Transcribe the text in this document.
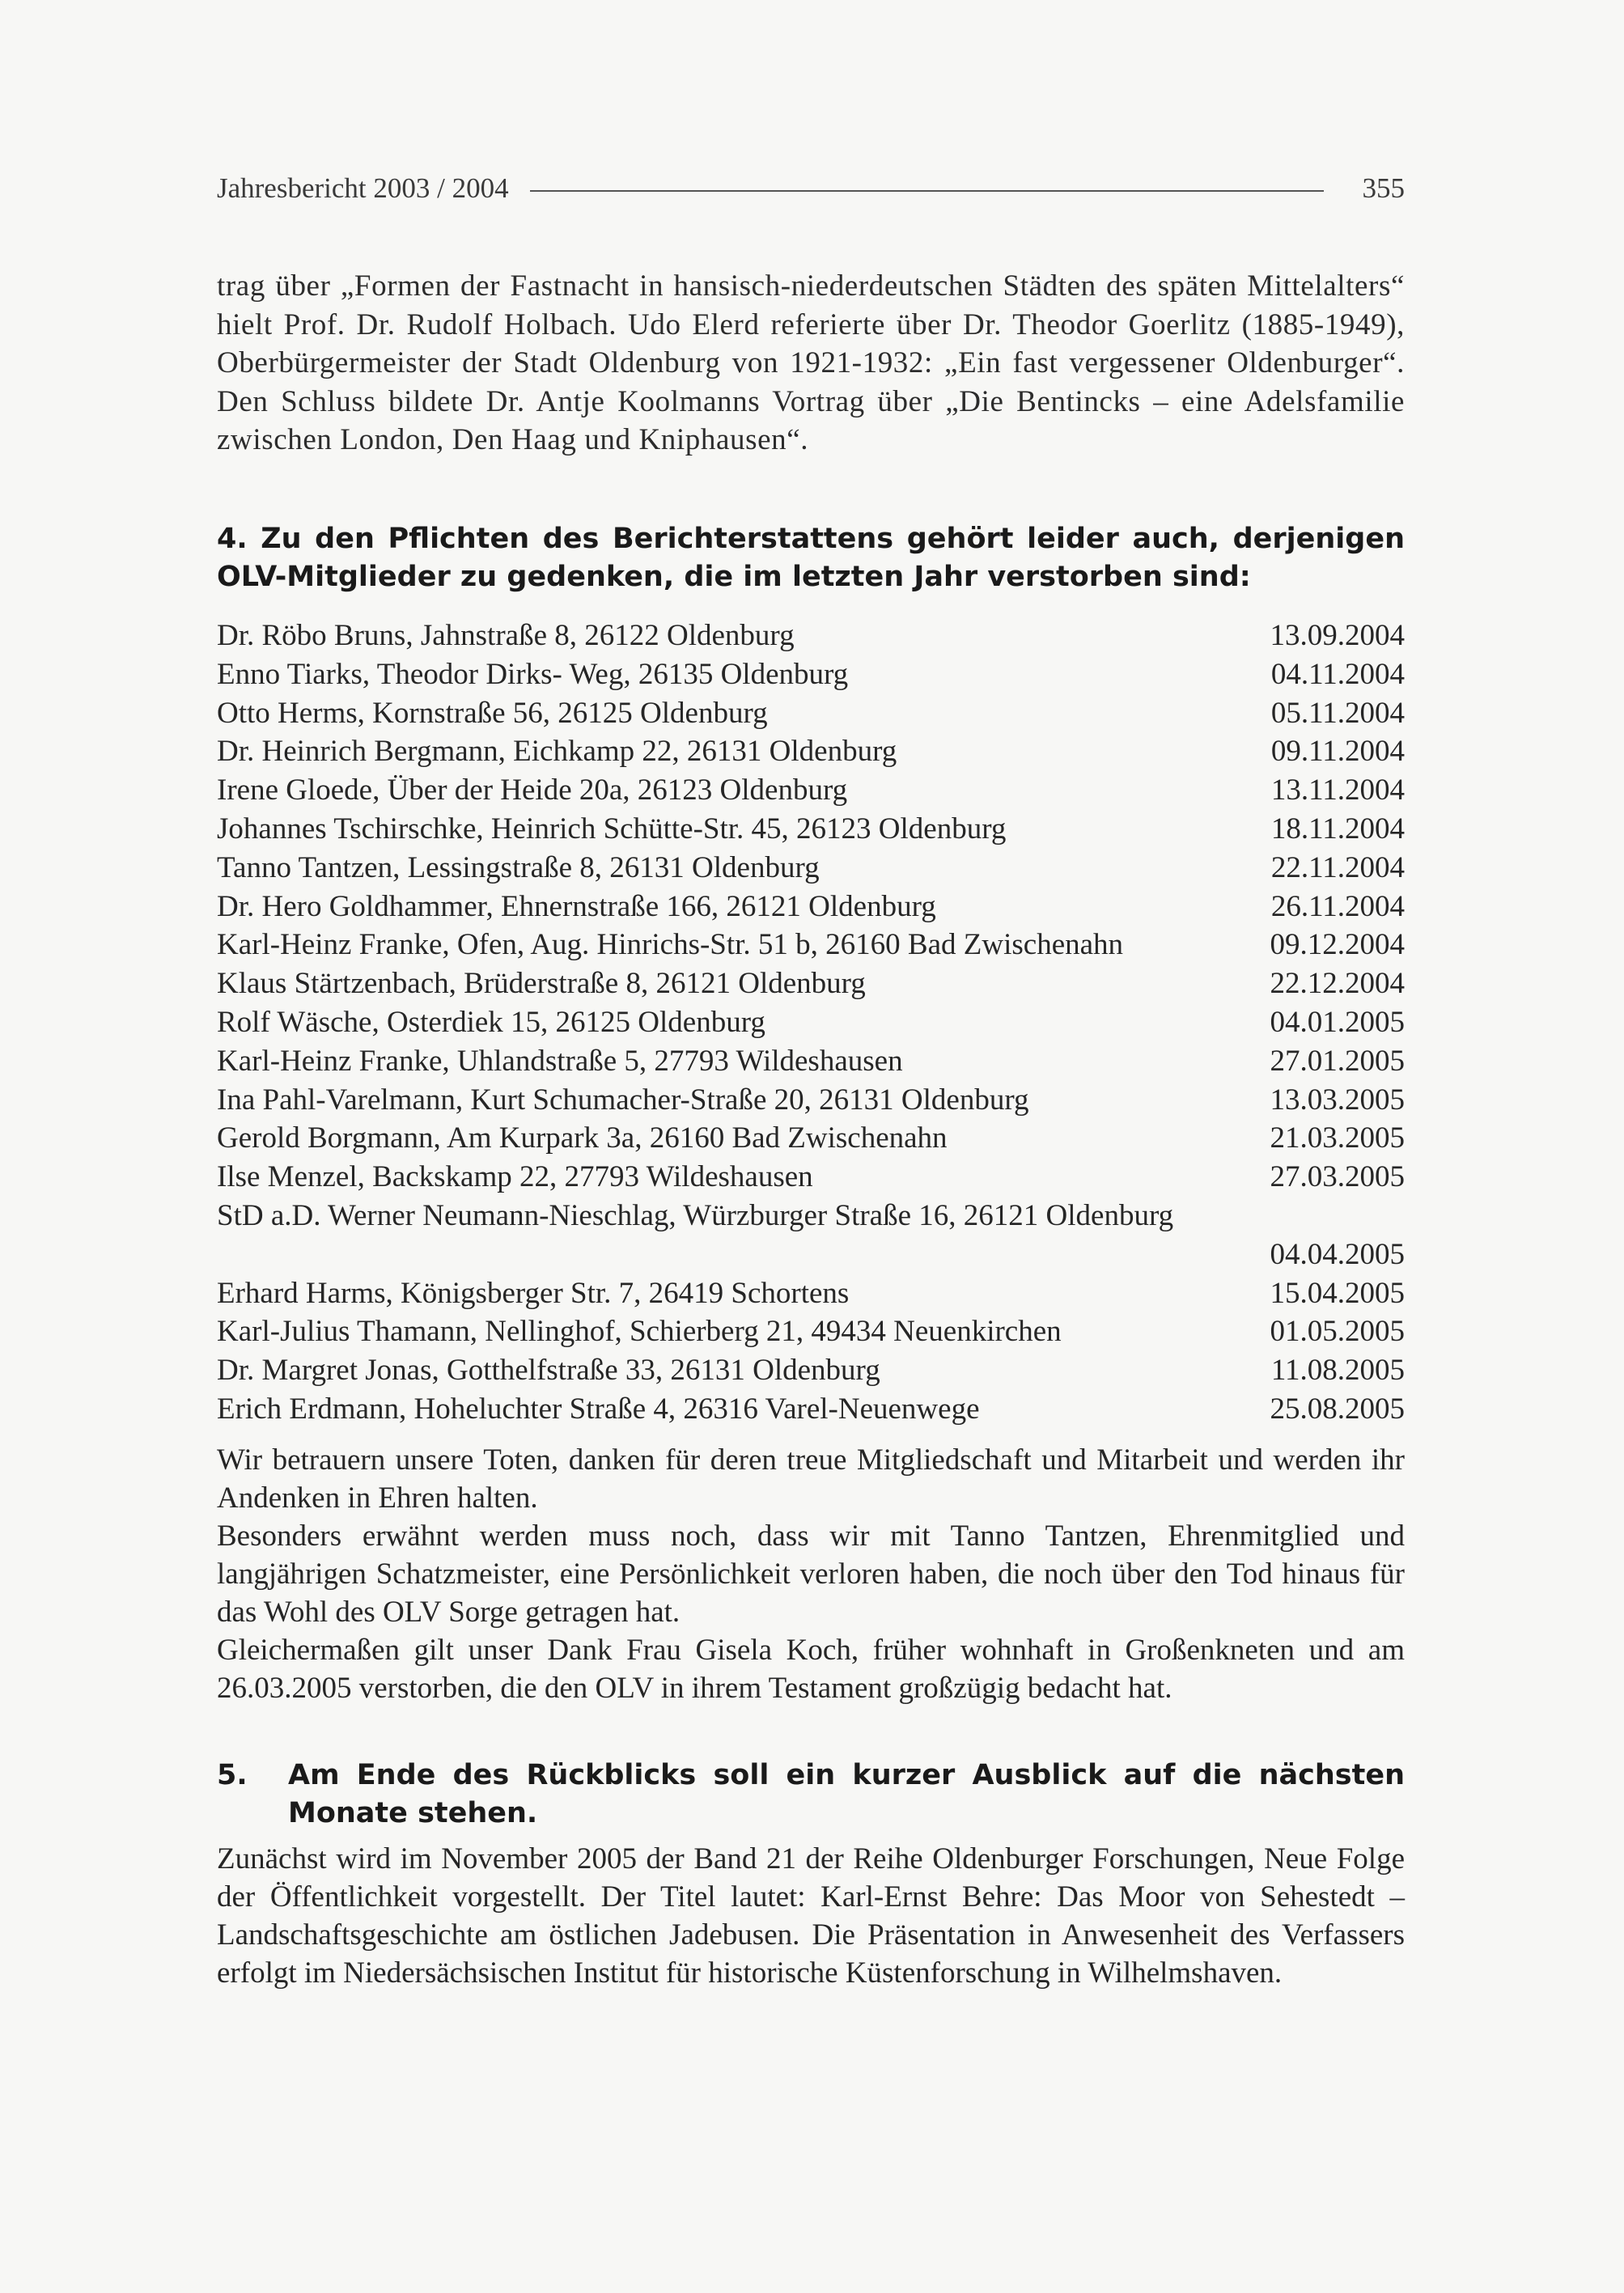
Jahresbericht 2003 / 2004	355

trag über „Formen der Fastnacht in hansisch-niederdeutschen Städten des späten Mittelalters“ hielt Prof. Dr. Rudolf Holbach. Udo Elerd referierte über Dr. Theodor Goerlitz (1885-1949), Oberbürgermeister der Stadt Oldenburg von 1921-1932: „Ein fast vergessener Oldenburger“. Den Schluss bildete Dr. Antje Koolmanns Vortrag über „Die Bentincks – eine Adelsfamilie zwischen London, Den Haag und Kniphausen“.

4. Zu den Pflichten des Berichterstattens gehört leider auch, derjenigen OLV-Mitglieder zu gedenken, die im letzten Jahr verstorben sind:

Dr. Röbo Bruns, Jahnstraße 8, 26122 Oldenburg	13.09.2004
Enno Tiarks, Theodor Dirks- Weg, 26135 Oldenburg	04.11.2004
Otto Herms, Kornstraße 56, 26125 Oldenburg	05.11.2004
Dr. Heinrich Bergmann, Eichkamp 22, 26131 Oldenburg	09.11.2004
Irene Gloede, Über der Heide 20a, 26123 Oldenburg	13.11.2004
Johannes Tschirschke, Heinrich Schütte-Str. 45, 26123 Oldenburg	18.11.2004
Tanno Tantzen, Lessingstraße 8, 26131 Oldenburg	22.11.2004
Dr. Hero Goldhammer, Ehnernstraße 166, 26121 Oldenburg	26.11.2004
Karl-Heinz Franke, Ofen, Aug. Hinrichs-Str. 51 b, 26160 Bad Zwischenahn	09.12.2004
Klaus Stärtzenbach, Brüderstraße 8, 26121 Oldenburg	22.12.2004
Rolf Wäsche, Osterdiek 15, 26125 Oldenburg	04.01.2005
Karl-Heinz Franke, Uhlandstraße 5, 27793 Wildeshausen	27.01.2005
Ina Pahl-Varelmann, Kurt Schumacher-Straße 20, 26131 Oldenburg	13.03.2005
Gerold Borgmann, Am Kurpark 3a, 26160 Bad Zwischenahn	21.03.2005
Ilse Menzel, Backskamp 22, 27793 Wildeshausen	27.03.2005
StD a.D. Werner Neumann-Nieschlag, Würzburger Straße 16, 26121 Oldenburg
04.04.2005
Erhard Harms, Königsberger Str. 7, 26419 Schortens	15.04.2005
Karl-Julius Thamann, Nellinghof, Schierberg 21, 49434 Neuenkirchen	01.05.2005
Dr. Margret Jonas, Gotthelfstraße 33, 26131 Oldenburg	11.08.2005
Erich Erdmann, Hoheluchter Straße 4, 26316 Varel-Neuenwege	25.08.2005

Wir betrauern unsere Toten, danken für deren treue Mitgliedschaft und Mitarbeit und werden ihr Andenken in Ehren halten.

Besonders erwähnt werden muss noch, dass wir mit Tanno Tantzen, Ehrenmitglied und langjährigen Schatzmeister, eine Persönlichkeit verloren haben, die noch über den Tod hinaus für das Wohl des OLV Sorge getragen hat.

Gleichermaßen gilt unser Dank Frau Gisela Koch, früher wohnhaft in Großenkneten und am 26.03.2005 verstorben, die den OLV in ihrem Testament großzügig bedacht hat.

5.	Am Ende des Rückblicks soll ein kurzer Ausblick auf die nächsten Monate stehen.

Zunächst wird im November 2005 der Band 21 der Reihe Oldenburger Forschungen, Neue Folge der Öffentlichkeit vorgestellt. Der Titel lautet: Karl-Ernst Behre: Das Moor von Sehestedt – Landschaftsgeschichte am östlichen Jadebusen. Die Präsentation in Anwesenheit des Verfassers erfolgt im Niedersächsischen Institut für historische Küstenforschung in Wilhelmshaven.
